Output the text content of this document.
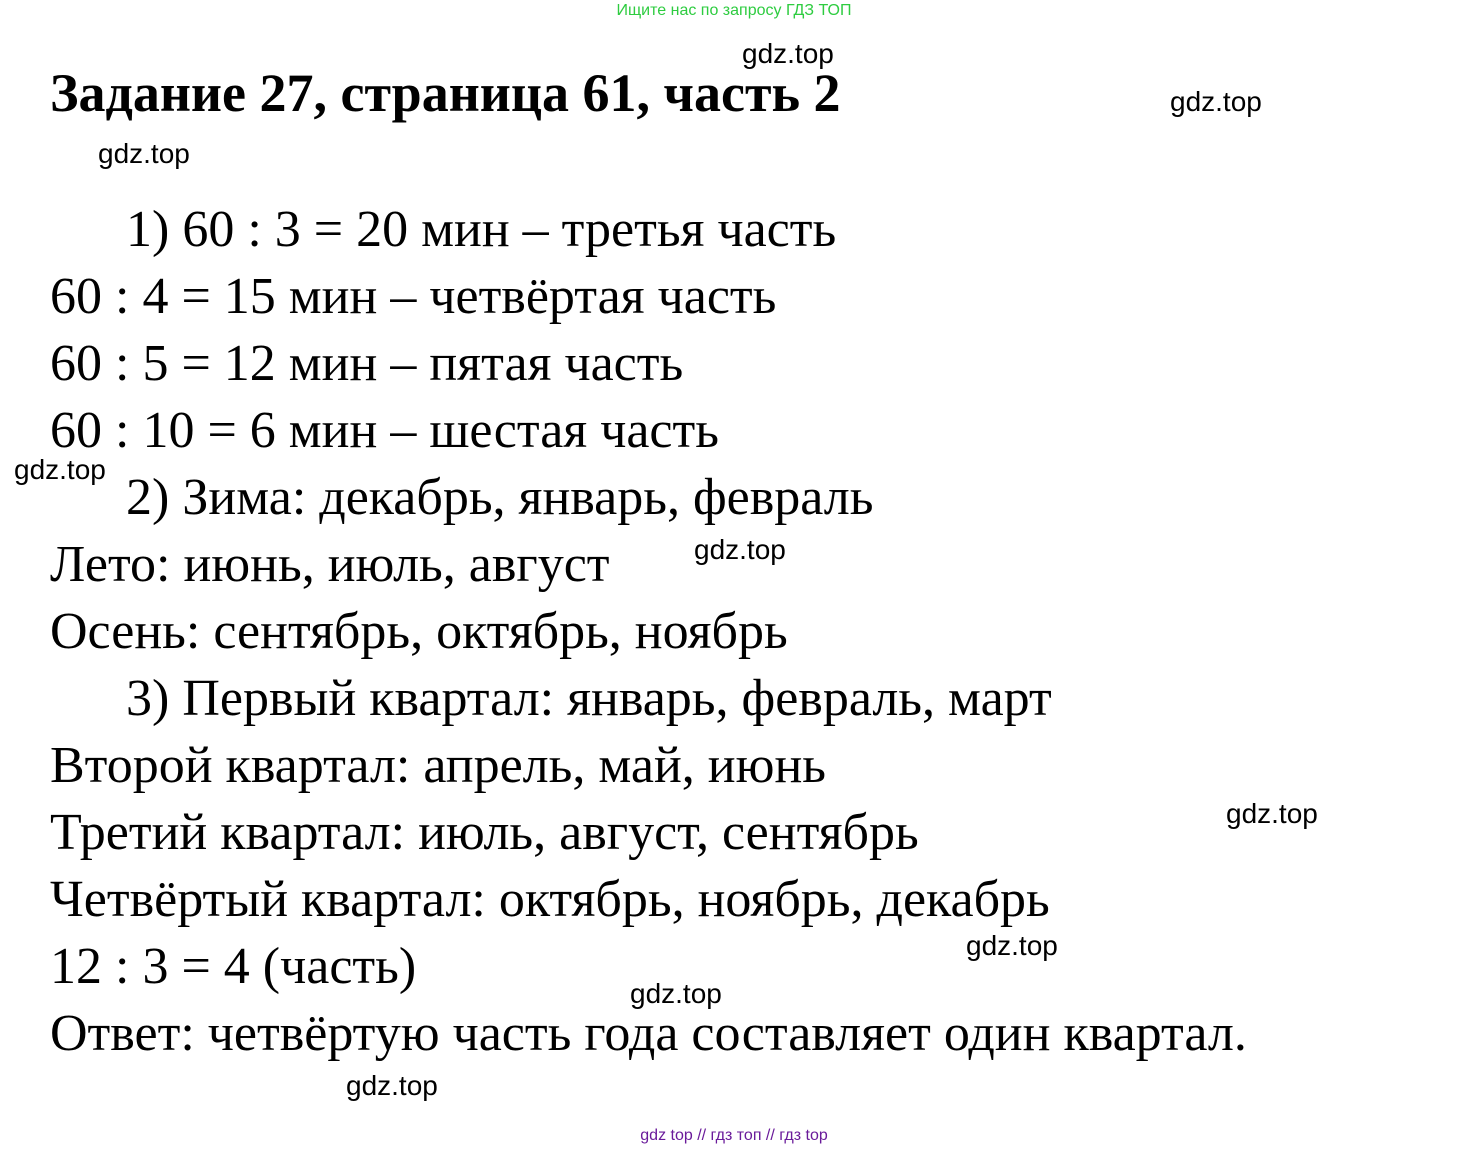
Ищите нас по запросу ГДЗ ТОП
Задание 27, страница 61, часть 2
gdz.top
gdz.top
gdz.top
1) 60 : 3 = 20 мин – третья часть
60 : 4 = 15 мин – четвёртая часть
60 : 5 = 12 мин – пятая часть
60 : 10 = 6 мин – шестая часть
gdz.top 2) Зима: декабрь, январь, февраль
Лето: июнь, июль, август	gdz.top
Осень: сентябрь, октябрь, ноябрь
3) Первый квартал: январь, февраль, март
Второй квартал: апрель, май, июнь
Третий квартал: июль, август, сентябрь	gdz.top
Четвёртый квартал: октябрь, ноябрь, декабрь
gdz.top
12 : 3 = 4 (часть)	gdz.top
Ответ: четвёртую часть года составляет один квартал.
gdz.top
gdz top // гдз топ // гдз top
